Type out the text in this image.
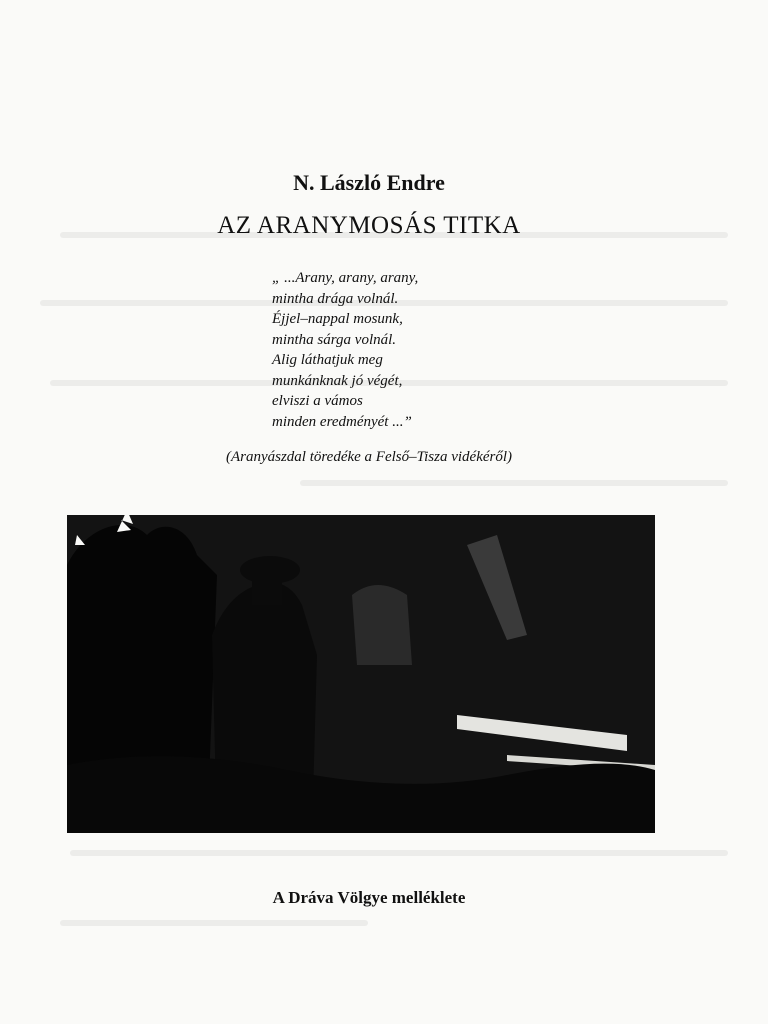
N. László Endre
AZ ARANYMOSÁS TITKA
„ ...Arany, arany, arany,
mintha drága volnál.
Éjjel–nappal mosunk,
mintha sárga volnál.
Alig láthatjuk meg
munkánknak jó végét,
elviszi a vámos
minden eredményét ...”
(Aranyászdal töredéke a Felső–Tisza vidékéről)
A Dráva Völgye melléklete
